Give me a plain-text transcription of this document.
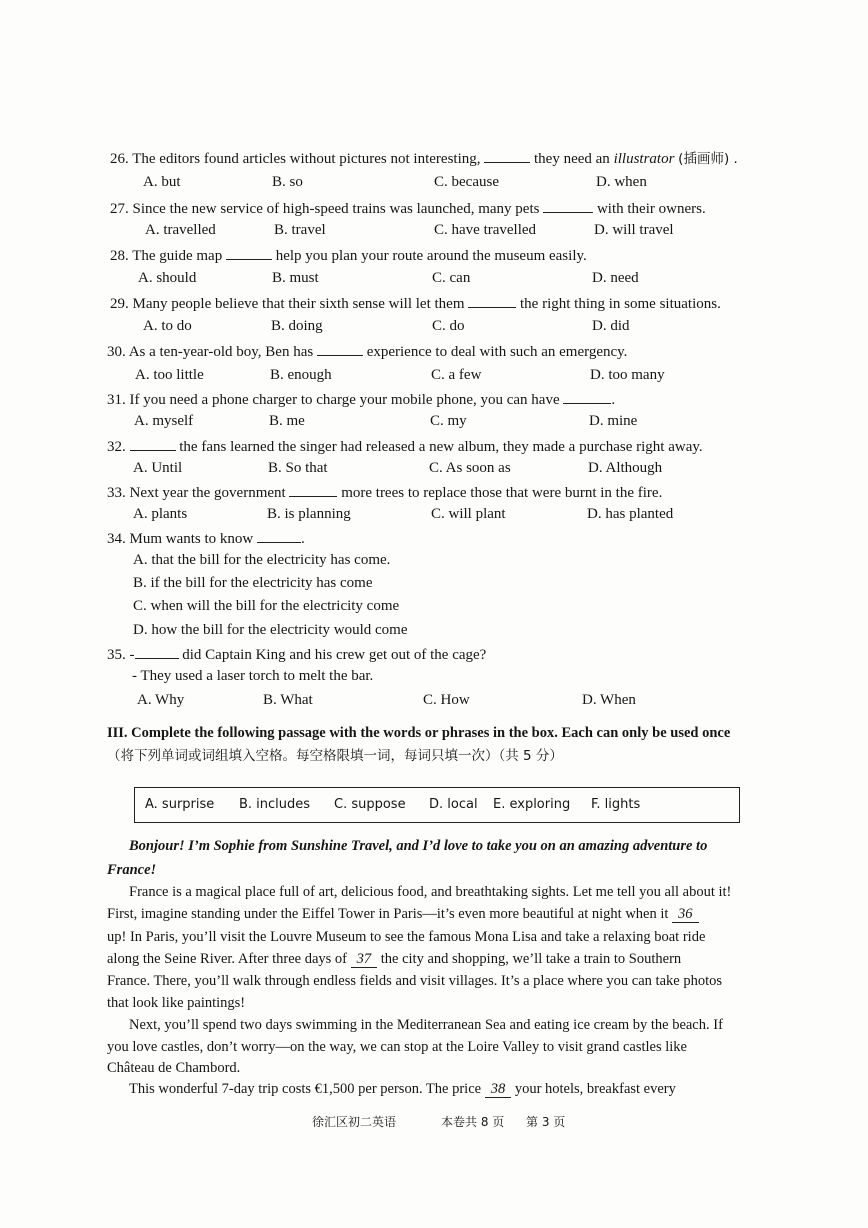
26. The editors found articles without pictures not interesting,	they need an illustrator (插画师) .
A. but	B. so	C. because	D. when
27. Since the new service of high-speed trains was launched, many pets	with their owners.
A. travelled	B. travel	C. have travelled	D. will travel
28. The guide map	help you plan your route around the museum easily.
A. should	B. must	C. can	D. need
29. Many people believe that their sixth sense will let them	the right thing in some situations.
A. to do	B. doing	C. do	D. did
30. As a ten-year-old boy, Ben has	experience to deal with such an emergency.
A. too little	B. enough	C. a few	D. too many
31. If you need a phone charger to charge your mobile phone, you can have	.
A. myself	B. me	C. my	D. mine
32.	the fans learned the singer had released a new album, they made a purchase right away.
A. Until	B. So that	C. As soon as	D. Although
33. Next year the government	more trees to replace those that were burnt in the fire.
A. plants	B. is planning	C. will plant	D. has planted
34. Mum wants to know	.
A. that the bill for the electricity has come.
B. if the bill for the electricity has come
C. when will the bill for the electricity come
D. how the bill for the electricity would come
35. -	did Captain King and his crew get out of the cage?
- They used a laser torch to melt the bar.
A. Why	B. What	C. How	D. When
III. Complete the following passage with the words or phrases in the box. Each can only be used once
（将下列单词或词组填入空格。每空格限填一词，每词只填一次）（共 5 分）
A. surprise B. includes C. suppose D. local E. exploring F. lights
Bonjour! I’m Sophie from Sunshine Travel, and I’d love to take you on an amazing adventure to
France!
France is a magical place full of art, delicious food, and breathtaking sights. Let me tell you all about it!
First, imagine standing under the Eiffel Tower in Paris—it’s even more beautiful at night when it 36
up! In Paris, you’ll visit the Louvre Museum to see the famous Mona Lisa and take a relaxing boat ride
along the Seine River. After three days of 37 the city and shopping, we’ll take a train to Southern
France. There, you’ll walk through endless fields and visit villages. It’s a place where you can take photos
that look like paintings!
Next, you’ll spend two days swimming in the Mediterranean Sea and eating ice cream by the beach. If
you love castles, don’t worry—on the way, we can stop at the Loire Valley to visit grand castles like
Château de Chambord.
This wonderful 7-day trip costs €1,500 per person. The price 38 your hotels, breakfast every
徐汇区初二英语	本卷共 8 页 第 3 页
